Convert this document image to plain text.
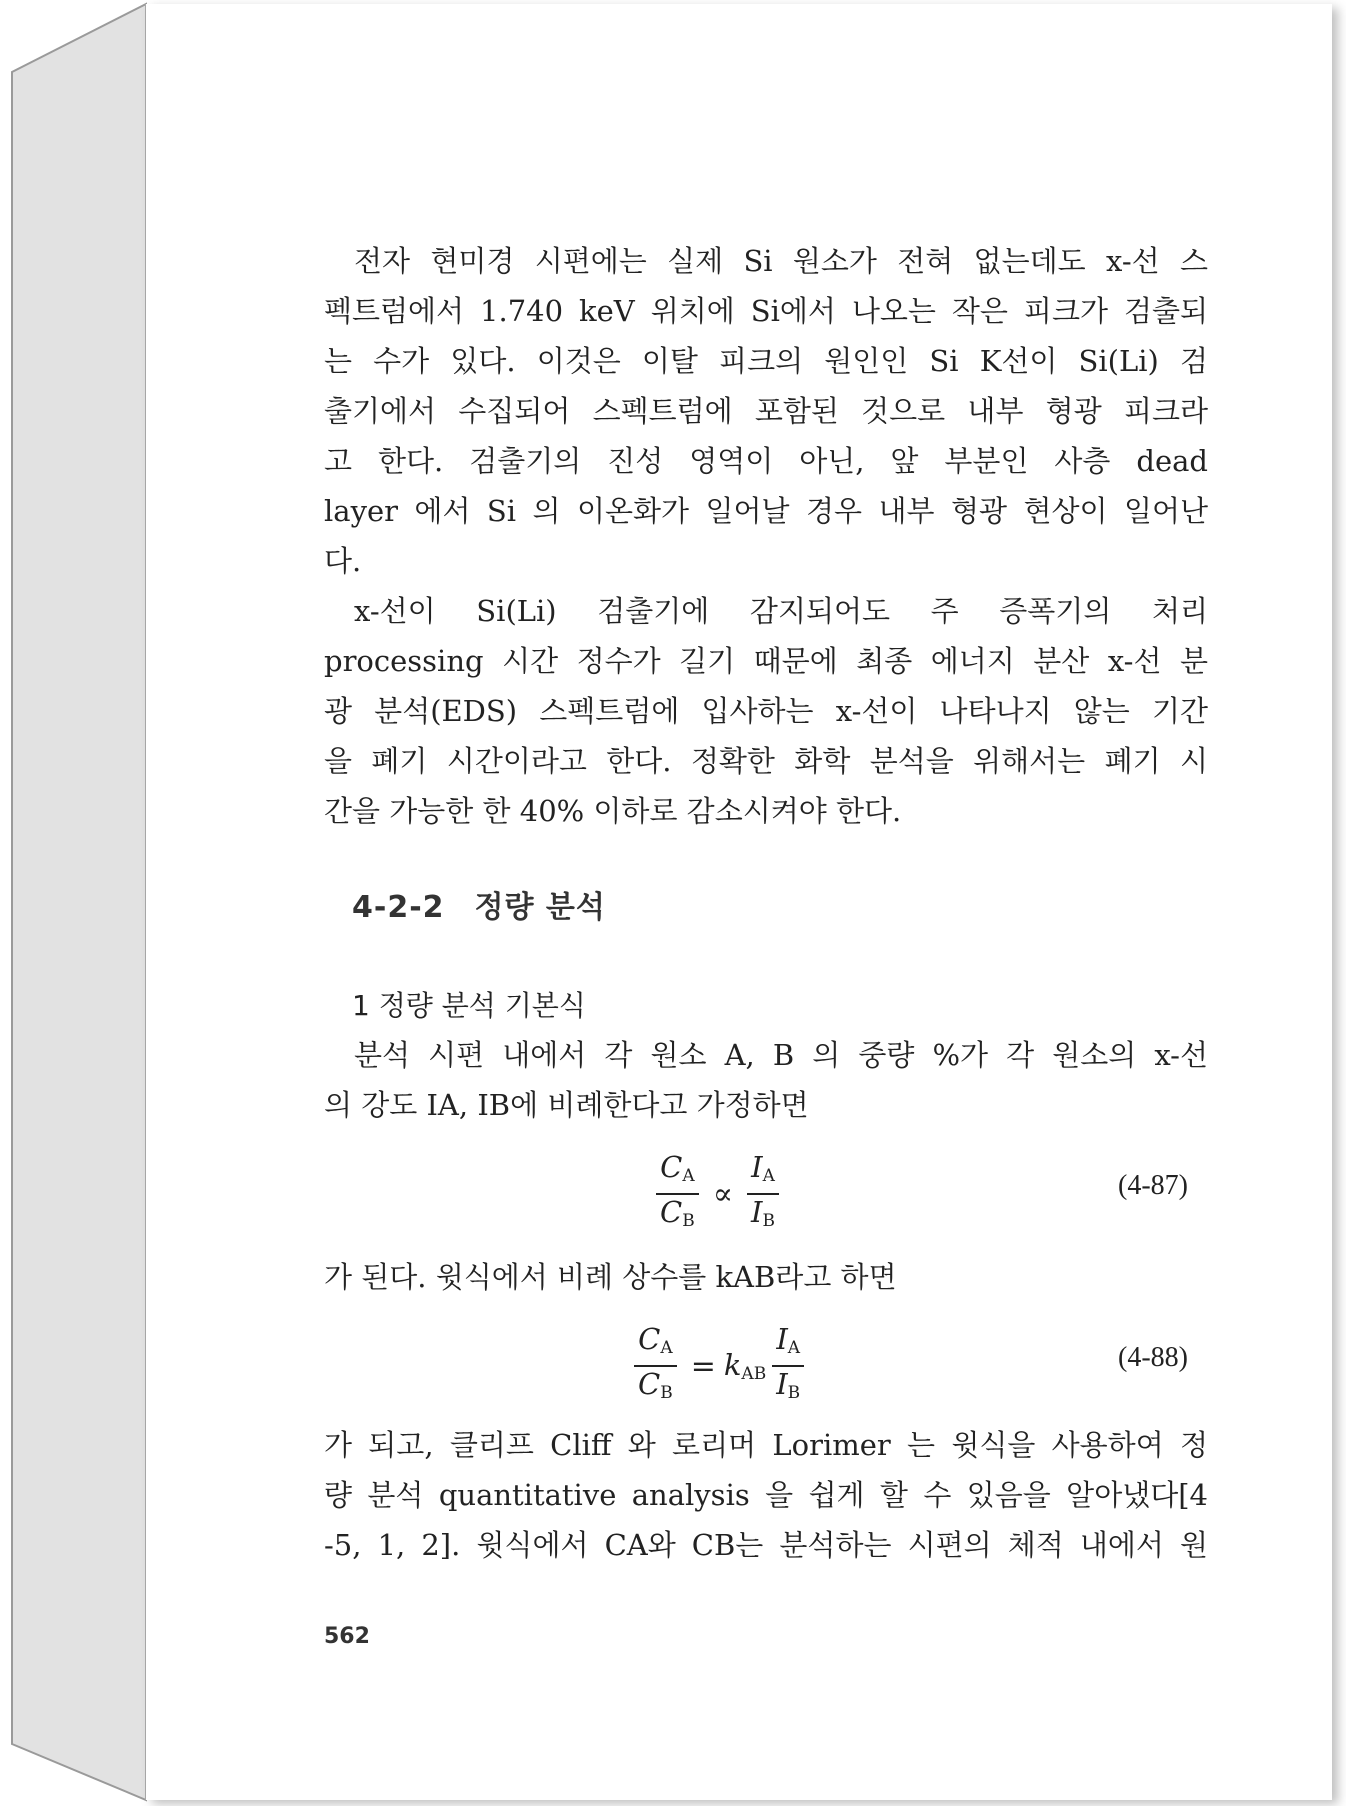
전자 현미경 시편에는 실제 Si 원소가 전혀 없는데도 x-선 스
펙트럼에서 1.740 keV 위치에 Si에서 나오는 작은 피크가 검출되
는 수가 있다. 이것은 이탈 피크의 원인인 Si K선이 Si(Li) 검
출기에서 수집되어 스펙트럼에 포함된 것으로 내부 형광 피크라
고 한다. 검출기의 진성 영역이 아닌, 앞 부분인 사층 dead
layer 에서 Si 의 이온화가 일어날 경우 내부 형광 현상이 일어난
다.
x-선이 Si(Li) 검출기에 감지되어도 주 증폭기의 처리
processing 시간 정수가 길기 때문에 최종 에너지 분산 x-선 분
광 분석(EDS) 스펙트럼에 입사하는 x-선이 나타나지 않는 기간
을 폐기 시간이라고 한다. 정확한 화학 분석을 위해서는 폐기 시
간을 가능한 한 40% 이하로 감소시켜야 한다.
4-2-2 정량 분석
1 정량 분석 기본식
분석 시편 내에서 각 원소 A, B 의 중량 %가 각 원소의 x-선
의 강도 IA, IB에 비례한다고 가정하면
$\frac{C_A}{C_B} \propto \frac{I_A}{I_B}$	(4-87)
가 된다. 윗식에서 비례 상수를 kAB라고 하면
$\frac{C_A}{C_B} = k_{AB} \frac{I_A}{I_B}$	(4-88)
가 되고, 클리프 Cliff 와 로리머 Lorimer 는 윗식을 사용하여 정
량 분석 quantitative analysis 을 쉽게 할 수 있음을 알아냈다[4
-5, 1, 2]. 윗식에서 CA와 CB는 분석하는 시편의 체적 내에서 원
562
